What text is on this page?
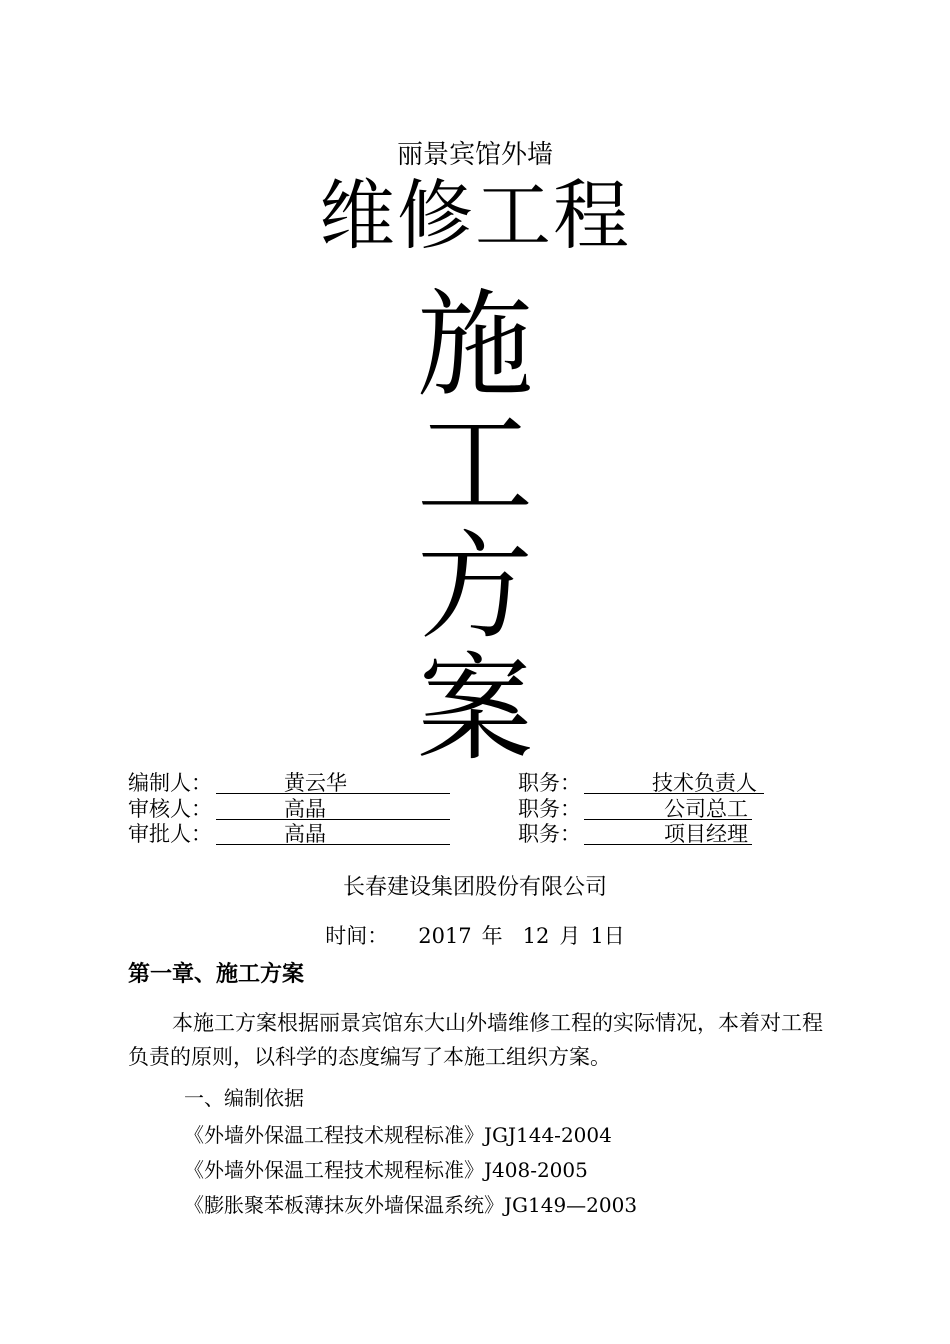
丽景宾馆外墙
维修工程
施
工
方
案
编制人：	黄云华	职务：	技术负责人
审核人：	高晶	职务：	公司总工
审批人：	高晶	职务：	项目经理
长春建设集团股份有限公司
时间： 2017 年 12 月 1日
第一章、施工方案
本施工方案根据丽景宾馆东大山外墙维修工程的实际情况，本着对工程负责的原则，以科学的态度编写了本施工组织方案。
一、编制依据
《外墙外保温工程技术规程标准》JGJ144-2004
《外墙外保温工程技术规程标准》J408-2005
《膨胀聚苯板薄抹灰外墙保温系统》JG149—2003
